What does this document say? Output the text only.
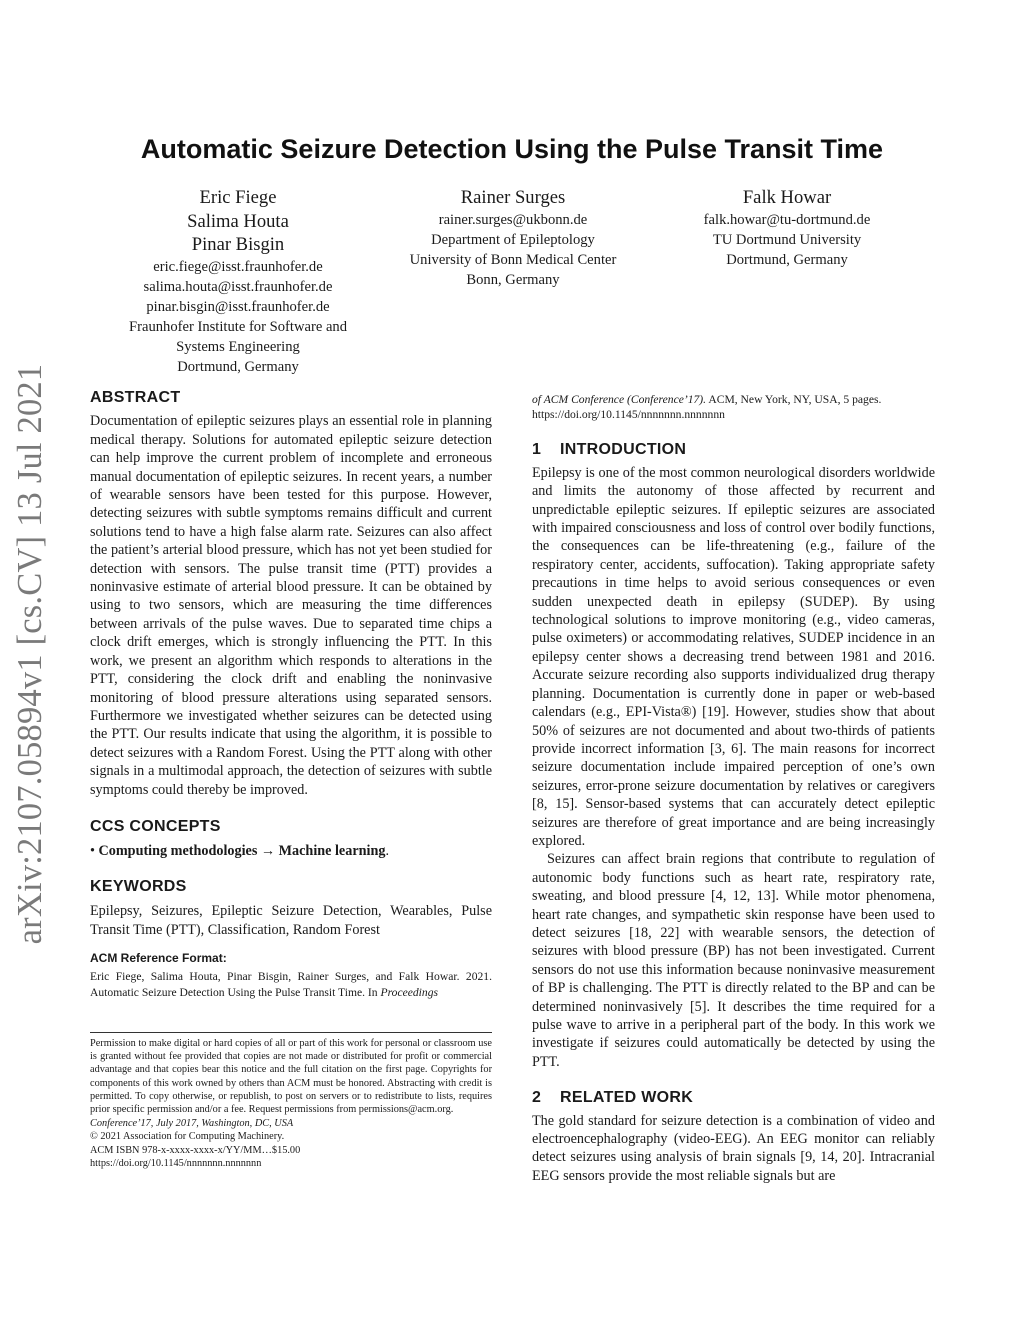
arXiv:2107.05894v1 [cs.CV] 13 Jul 2021
Automatic Seizure Detection Using the Pulse Transit Time
Eric Fiege
Salima Houta
Pinar Bisgin
eric.fiege@isst.fraunhofer.de
salima.houta@isst.fraunhofer.de
pinar.bisgin@isst.fraunhofer.de
Fraunhofer Institute for Software and
Systems Engineering
Dortmund, Germany
Rainer Surges
rainer.surges@ukbonn.de
Department of Epileptology
University of Bonn Medical Center
Bonn, Germany
Falk Howar
falk.howar@tu-dortmund.de
TU Dortmund University
Dortmund, Germany
ABSTRACT

Documentation of epileptic seizures plays an essential role in planning medical therapy. Solutions for automated epileptic seizure detection can help improve the current problem of incomplete and erroneous manual documentation of epileptic seizures. In recent years, a number of wearable sensors have been tested for this purpose. However, detecting seizures with subtle symptoms remains difficult and current solutions tend to have a high false alarm rate. Seizures can also affect the patient’s arterial blood pressure, which has not yet been studied for detection with sensors. The pulse transit time (PTT) provides a noninvasive estimate of arterial blood pressure. It can be obtained by using to two sensors, which are measuring the time differences between arrivals of the pulse waves. Due to separated time chips a clock drift emerges, which is strongly influencing the PTT. In this work, we present an algorithm which responds to alterations in the PTT, considering the clock drift and enabling the noninvasive monitoring of blood pressure alterations using separated sensors. Furthermore we investigated whether seizures can be detected using the PTT. Our results indicate that using the algorithm, it is possible to detect seizures with a Random Forest. Using the PTT along with other signals in a multimodal approach, the detection of seizures with subtle symptoms could thereby be improved.

CCS CONCEPTS

• Computing methodologies → Machine learning.

KEYWORDS

Epilepsy, Seizures, Epileptic Seizure Detection, Wearables, Pulse Transit Time (PTT), Classification, Random Forest

ACM Reference Format:

Eric Fiege, Salima Houta, Pinar Bisgin, Rainer Surges, and Falk Howar. 2021. Automatic Seizure Detection Using the Pulse Transit Time. In Proceedings

Permission to make digital or hard copies of all or part of this work for personal or classroom use is granted without fee provided that copies are not made or distributed for profit or commercial advantage and that copies bear this notice and the full citation on the first page. Copyrights for components of this work owned by others than ACM must be honored. Abstracting with credit is permitted. To copy otherwise, or republish, to post on servers or to redistribute to lists, requires prior specific permission and/or a fee. Request permissions from permissions@acm.org.

Conference’17, July 2017, Washington, DC, USA

© 2021 Association for Computing Machinery.

ACM ISBN 978-x-xxxx-xxxx-x/YY/MM…$15.00

https://doi.org/10.1145/nnnnnnn.nnnnnnn

of ACM Conference (Conference’17). ACM, New York, NY, USA, 5 pages.
https://doi.org/10.1145/nnnnnnn.nnnnnnn

1 INTRODUCTION

Epilepsy is one of the most common neurological disorders worldwide and limits the autonomy of those affected by recurrent and unpredictable epileptic seizures. If epileptic seizures are associated with impaired consciousness and loss of control over bodily functions, the consequences can be life-threatening (e.g., failure of the respiratory center, accidents, suffocation). Taking appropriate safety precautions in time helps to avoid serious consequences or even sudden unexpected death in epilepsy (SUDEP). By using technological solutions to improve monitoring (e.g., video cameras, pulse oximeters) or accommodating relatives, SUDEP incidence in an epilepsy center shows a decreasing trend between 1981 and 2016. Accurate seizure recording also supports individualized drug therapy planning. Documentation is currently done in paper or web-based calendars (e.g., EPI-Vista®) [19]. However, studies show that about 50% of seizures are not documented and about two-thirds of patients provide incorrect information [3, 6]. The main reasons for incorrect seizure documentation include impaired perception of one’s own seizures, error-prone seizure documentation by relatives or caregivers [8, 15]. Sensor-based systems that can accurately detect epileptic seizures are therefore of great importance and are being increasingly explored.

Seizures can affect brain regions that contribute to regulation of autonomic body functions such as heart rate, respiratory rate, sweating, and blood pressure [4, 12, 13]. While motor phenomena, heart rate changes, and sympathetic skin response have been used to detect seizures [18, 22] with wearable sensors, the detection of seizures with blood pressure (BP) has not been investigated. Current sensors do not use this information because noninvasive measurement of BP is challenging. The PTT is directly related to the BP and can be determined noninvasively [5]. It describes the time required for a pulse wave to arrive in a peripheral part of the body. In this work we investigate if seizures could automatically be detected by using the PTT.

2 RELATED WORK

The gold standard for seizure detection is a combination of video and electroencephalography (video-EEG). An EEG monitor can reliably detect seizures using analysis of brain signals [9, 14, 20]. Intracranial EEG sensors provide the most reliable signals but are
